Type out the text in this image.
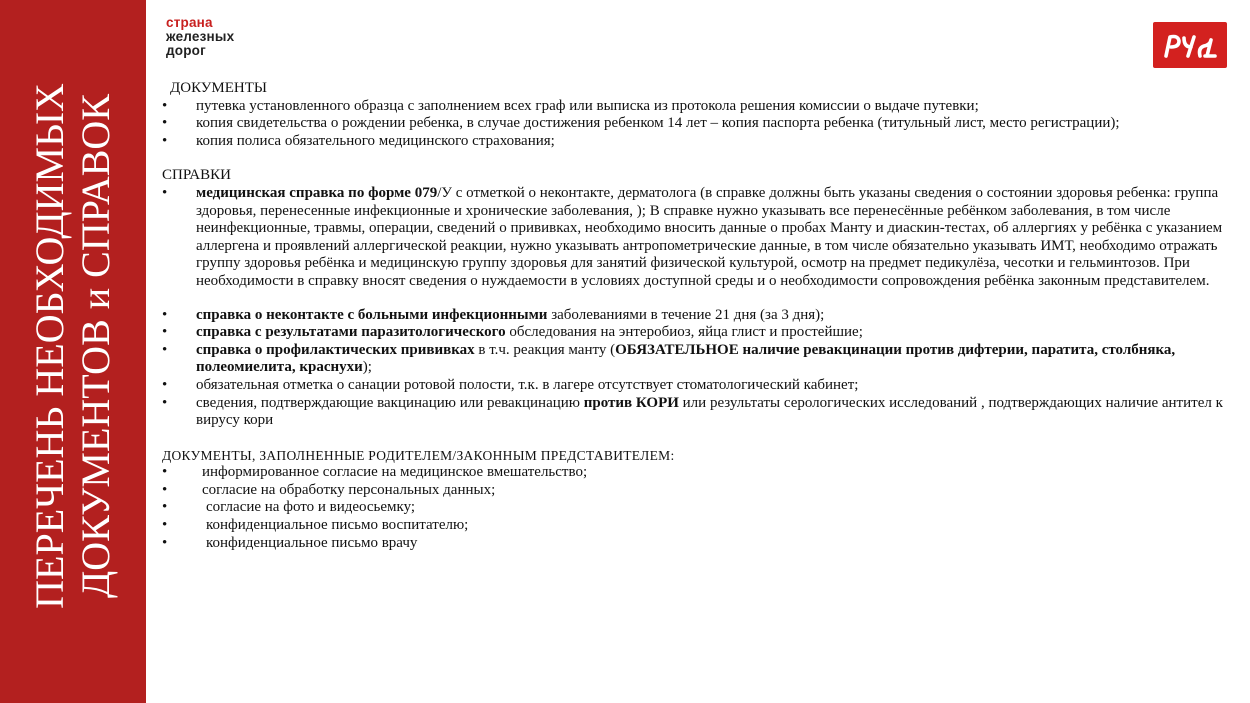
ПЕРЕЧЕНЬ НЕОБХОДИМЫХ ДОКУМЕНТОВ и СПРАВОК
страна
железных
дорог
ДОКУМЕНТЫ
• путевка установленного образца с заполнением всех граф или выписка из протокола решения комиссии о выдаче путевки;
• копия свидетельства о рождении ребенка, в случае достижения ребенком 14 лет – копия паспорта ребенка (титульный лист, место регистрации);
• копия полиса обязательного медицинского страхования;
СПРАВКИ
• медицинская справка по форме 079/У с отметкой о неконтакте, дерматолога (в справке должны быть указаны сведения о состоянии здоровья ребенка: группа здоровья, перенесенные инфекционные и хронические заболевания, ); В справке нужно указывать все перенесённые ребёнком заболевания, в том числе неинфекционные, травмы, операции, сведений о прививках, необходимо вносить данные о пробах Манту и диаскин-тестах, об аллергиях у ребёнка с указанием аллергена и проявлений аллергической реакции, нужно указывать антропометрические данные, в том числе обязательно указывать ИМТ, необходимо отражать группу здоровья ребёнка и медицинскую группу здоровья для занятий физической культурой, осмотр на предмет педикулёза, чесотки и гельминтозов. При необходимости в справку вносят сведения о нуждаемости в условиях доступной среды и о необходимости сопровождения ребёнка законным представителем.
• справка о неконтакте с больными инфекционными заболеваниями в течение 21 дня (за 3 дня);
• справка с результатами паразитологического обследования на энтеробиоз, яйца глист и простейшие;
• справка о профилактических прививках в т.ч. реакция манту (ОБЯЗАТЕЛЬНОЕ наличие ревакцинации против дифтерии, паратита, столбняка, полеомиелита, краснухи);
• обязательная отметка о санации ротовой полости, т.к. в лагере отсутствует стоматологический кабинет;
• сведения, подтверждающие вакцинацию или ревакцинацию против КОРИ или результаты серологических исследований , подтверждающих наличие антител к вирусу кори
ДОКУМЕНТЫ, ЗАПОЛНЕННЫЕ РОДИТЕЛЕМ/ЗАКОННЫМ ПРЕДСТАВИТЕЛЕМ:
• информированное согласие на медицинское вмешательство;
• согласие на обработку персональных данных;
• согласие на фото и видеосьемку;
• конфиденциальное письмо воспитателю;
• конфиденциальное письмо врачу
